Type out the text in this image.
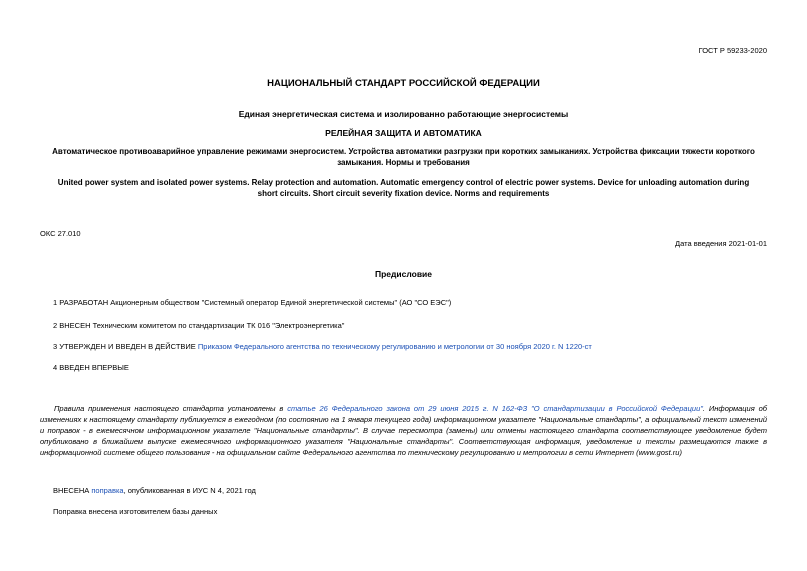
ГОСТ Р 59233-2020
НАЦИОНАЛЬНЫЙ СТАНДАРТ РОССИЙСКОЙ ФЕДЕРАЦИИ
Единая энергетическая система и изолированно работающие энергосистемы
РЕЛЕЙНАЯ ЗАЩИТА И АВТОМАТИКА
Автоматическое противоаварийное управление режимами энергосистем. Устройства автоматики разгрузки при коротких замыканиях. Устройства фиксации тяжести короткого замыкания. Нормы и требования
United power system and isolated power systems. Relay protection and automation. Automatic emergency control of electric power systems. Device for unloading automation during short circuits. Short circuit severity fixation device. Norms and requirements
ОКС 27.010
Дата введения 2021-01-01
Предисловие
1 РАЗРАБОТАН Акционерным обществом "Системный оператор Единой энергетической системы" (АО "СО ЕЭС")
2 ВНЕСЕН Техническим комитетом по стандартизации ТК 016 "Электроэнергетика"
3 УТВЕРЖДЕН И ВВЕДЕН В ДЕЙСТВИЕ Приказом Федерального агентства по техническому регулированию и метрологии от 30 ноября 2020 г. N 1220-ст
4 ВВЕДЕН ВПЕРВЫЕ
Правила применения настоящего стандарта установлены в статье 26 Федерального закона от 29 июня 2015 г. N 162-ФЗ "О стандартизации в Российской Федерации". Информация об изменениях к настоящему стандарту публикуется в ежегодном (по состоянию на 1 января текущего года) информационном указателе "Национальные стандарты", а официальный текст изменений и поправок - в ежемесячном информационном указателе "Национальные стандарты". В случае пересмотра (замены) или отмены настоящего стандарта соответствующее уведомление будет опубликовано в ближайшем выпуске ежемесячного информационного указателя "Национальные стандарты". Соответствующая информация, уведомление и тексты размещаются также в информационной системе общего пользования - на официальном сайте Федерального агентства по техническому регулированию и метрологии в сети Интернет (www.gost.ru)
ВНЕСЕНА поправка, опубликованная в ИУС N 4, 2021 год
Поправка внесена изготовителем базы данных
